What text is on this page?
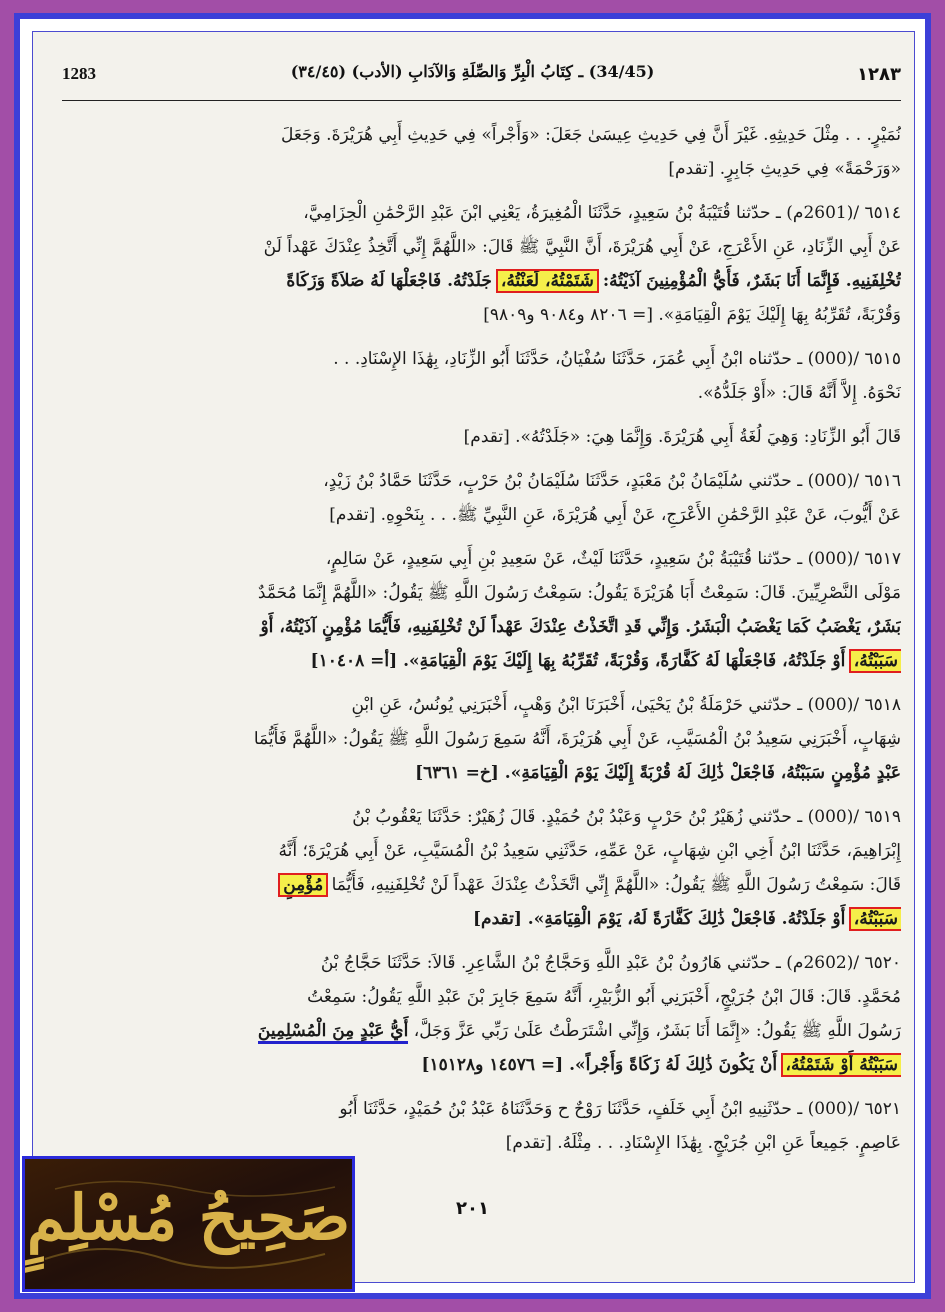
1283	(34/45) ـ كِتَابُ الْبِرِّ وَالصِّلَةِ وَالآدَابِ (الأدب) (٣٤/٤٥)	١٢٨٣
نُمَيْرٍ. . . مِثْلَ حَدِيثِهِ. غَيْرَ أَنَّ فِي حَدِيثِ عِيسَىٰ جَعَلَ: «وَأَجْراً» فِي حَدِيثِ أَبِي هُرَيْرَةَ. وَجَعَلَ
«وَرَحْمَةً» فِي حَدِيثِ جَابِرٍ. [تقدم]
٦٥١٤ /(2601م) ـ حدّثنا قُتَيْبَةُ بْنُ سَعِيدٍ، حَدَّثَنَا الْمُغِيرَةُ، يَعْنِي ابْنَ عَبْدِ الرَّحْمَٰنِ الْحِزَامِيَّ،
عَنْ أَبِي الزِّنَادِ، عَنِ الأَعْرَجِ، عَنْ أَبِي هُرَيْرَةَ، أَنَّ النَّبِيَّ ﷺ قَالَ: «اللَّهُمَّ إِنِّي أَتَّخِذُ عِنْدَكَ عَهْداً لَنْ
تُخْلِفَنِيهِ. فَإِنَّمَا أَنَا بَشَرٌ، فَأَيُّ الْمُؤْمِنِينَ آذَيْتُهُ: شَتَمْتُهُ، لَعَنْتُهُ، جَلَدْتُهُ. فَاجْعَلْهَا لَهُ صَلاَةً وَزَكَاةً
وَقُرْبَةً، تُقَرِّبُهُ بِهَا إِلَيْكَ يَوْمَ الْقِيَامَةِ». [= ٨٢٠٦ و٩٠٨٤ و٩٨٠٩]
٦٥١٥ /(000) ـ حدّثناه ابْنُ أَبِي عُمَرَ، حَدَّثَنَا سُفْيَانُ، حَدَّثَنَا أَبُو الزِّنَادِ، بِهَٰذَا الإِسْنَادِ. . .
نَحْوَهُ. إِلاَّ أَنَّهُ قَالَ: «أَوْ جَلَدُّهُ».
قَالَ أَبُو الزِّنَادِ: وَهِيَ لُغَةُ أَبِي هُرَيْرَةَ. وَإِنَّمَا هِيَ: «جَلَدْتُهُ». [تقدم]
٦٥١٦ /(000) ـ حدّثني سُلَيْمَانُ بْنُ مَعْبَدٍ، حَدَّثَنَا سُلَيْمَانُ بْنُ حَرْبٍ، حَدَّثَنَا حَمَّادُ بْنُ زَيْدٍ،
عَنْ أَيُّوبَ، عَنْ عَبْدِ الرَّحْمَٰنِ الأَعْرَجِ، عَنْ أَبِي هُرَيْرَةَ، عَنِ النَّبِيِّ ﷺ. . . بِنَحْوِهِ. [تقدم]
٦٥١٧ /(000) ـ حدّثنا قُتَيْبَةُ بْنُ سَعِيدٍ، حَدَّثَنَا لَيْثٌ، عَنْ سَعِيدِ بْنِ أَبِي سَعِيدٍ، عَنْ سَالِمٍ،
مَوْلَى النَّصْرِيِّينَ. قَالَ: سَمِعْتُ أَبَا هُرَيْرَةَ يَقُولُ: سَمِعْتُ رَسُولَ اللَّهِ ﷺ يَقُولُ: «اللَّهُمَّ إِنَّمَا مُحَمَّدٌ
بَشَرٌ، يَغْضَبُ كَمَا يَغْضَبُ الْبَشَرُ. وَإِنِّي قَدِ اتَّخَذْتُ عِنْدَكَ عَهْداً لَنْ تُخْلِفَنِيهِ، فَأَيُّمَا مُؤْمِنٍ آذَيْتُهُ، أَوْ
سَبَبْتُهُ، أَوْ جَلَدْتُهُ، فَاجْعَلْهَا لَهُ كَفَّارَةً، وَقُرْبَةً، تُقَرِّبُهُ بِهَا إِلَيْكَ يَوْمَ الْقِيَامَةِ». [أ= ١٠٤٠٨]
٦٥١٨ /(000) ـ حدّثني حَرْمَلَةُ بْنُ يَحْيَىٰ، أَخْبَرَنَا ابْنُ وَهْبٍ، أَخْبَرَنِي يُونُسُ، عَنِ ابْنِ
شِهَابٍ، أَخْبَرَنِي سَعِيدُ بْنُ الْمُسَيَّبِ، عَنْ أَبِي هُرَيْرَةَ، أَنَّهُ سَمِعَ رَسُولَ اللَّهِ ﷺ يَقُولُ: «اللَّهُمَّ فَأَيُّمَا
عَبْدٍ مُؤْمِنٍ سَبَبْتُهُ، فَاجْعَلْ ذَٰلِكَ لَهُ قُرْبَةً إِلَيْكَ يَوْمَ الْقِيَامَةِ». [خ= ٦٣٦١]
٦٥١٩ /(000) ـ حدّثني زُهَيْرُ بْنُ حَرْبٍ وَعَبْدُ بْنُ حُمَيْدٍ. قَالَ زُهَيْرٌ: حَدَّثَنَا يَعْقُوبُ بْنُ
إِبْرَاهِيمَ، حَدَّثَنَا ابْنُ أَخِي ابْنِ شِهَابٍ، عَنْ عَمِّهِ، حَدَّثَنِي سَعِيدُ بْنُ الْمُسَيَّبِ، عَنْ أَبِي هُرَيْرَةَ؛ أَنَّهُ
قَالَ: سَمِعْتُ رَسُولَ اللَّهِ ﷺ يَقُولُ: «اللَّهُمَّ إِنِّي اتَّخَذْتُ عِنْدَكَ عَهْداً لَنْ تُخْلِفَنِيهِ، فَأَيُّمَا مُؤْمِنٍ
سَبَبْتُهُ، أَوْ جَلَدْتُهُ. فَاجْعَلْ ذَٰلِكَ كَفَّارَةً لَهُ، يَوْمَ الْقِيَامَةِ». [تقدم]
٦٥٢٠ /(2602م) ـ حدّثني هَارُونُ بْنُ عَبْدِ اللَّهِ وَحَجَّاجُ بْنُ الشَّاعِرِ. قَالاَ: حَدَّثَنَا حَجَّاجُ بْنُ
مُحَمَّدٍ. قَالَ: قَالَ ابْنُ جُرَيْجٍ، أَخْبَرَنِي أَبُو الزُّبَيْرِ، أَنَّهُ سَمِعَ جَابِرَ بْنَ عَبْدِ اللَّهِ يَقُولُ: سَمِعْتُ
رَسُولَ اللَّهِ ﷺ يَقُولُ: «إِنَّمَا أَنَا بَشَرٌ، وَإِنِّي اشْتَرَطْتُ عَلَىٰ رَبِّي عَزَّ وَجَلَّ، أَيُّ عَبْدٍ مِنَ الْمُسْلِمِينَ
سَبَبْتُهُ أَوْ شَتَمْتُهُ، أَنْ يَكُونَ ذَٰلِكَ لَهُ زَكَاةً وَأَجْراً». [= ١٤٥٧٦ و١٥١٢٨]
٦٥٢١ /(000) ـ حدّثَنِيهِ ابْنُ أَبِي خَلَفٍ، حَدَّثَنَا رَوْحٌ ح وَحَدَّثَنَاهُ عَبْدُ بْنُ حُمَيْدٍ، حَدَّثَنَا أَبُو
عَاصِمٍ. جَمِيعاً عَنِ ابْنِ جُرَيْجٍ. بِهَٰذَا الإِسْنَادِ. . . مِثْلَهُ. [تقدم]
٢٠١
صَحِيحُ مُسْلِمٍ
